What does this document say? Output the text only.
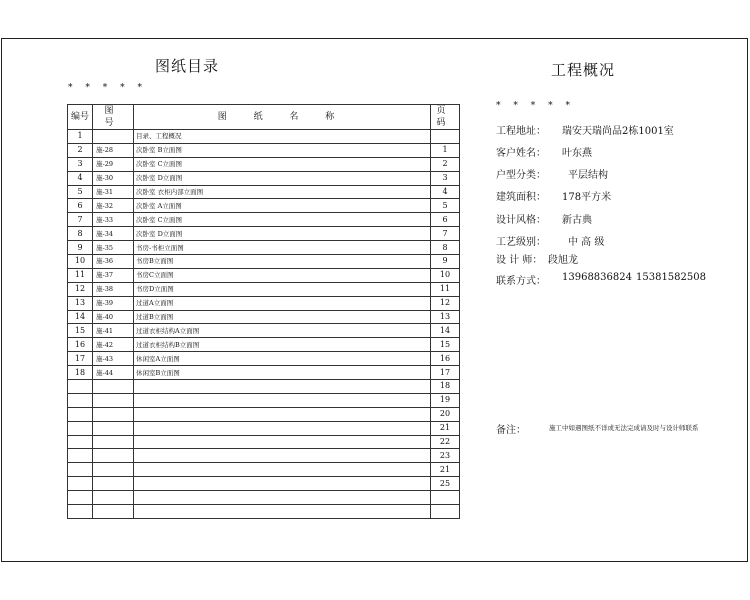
图纸目录
* * * * *
编号	图 号	图 纸 名 称	页 码
1		目录、工程概况	
2	施-28	次卧室 B立面图	1
3	施-29	次卧室 C立面图	2
4	施-30	次卧室 D立面图	3
5	施-31	次卧室 衣柜内部立面图	4
6	施-32	次卧室 A立面图	5
7	施-33	次卧室 C立面图	6
8	施-34	次卧室 D立面图	7
9	施-35	书房-书柜立面图	8
10	施-36	书房B立面图	9
11	施-37	书房C立面图	10
12	施-38	书房D立面图	11
13	施-39	过道A立面图	12
14	施-40	过道B立面图	13
15	施-41	过道衣柜结构A立面图	14
16	施-42	过道衣柜结构B立面图	15
17	施-43	休闲室A立面图	16
18	施-44	休闲室B立面图	17
			18
			19
			20
			21
			22
			23
			21
			25

工程概况
* * * * *
工程地址： 瑞安天瑞尚品2栋1001室
客户姓名： 叶东燕
户型分类： 平层结构
建筑面积： 178平方米
设计风格： 新古典
工艺级别： 中 高 级
设 计 师： 段旭龙
联系方式： 13968836824 15381582508
备注：	施工中如遇图纸不详或无法完成请及时与设计师联系
